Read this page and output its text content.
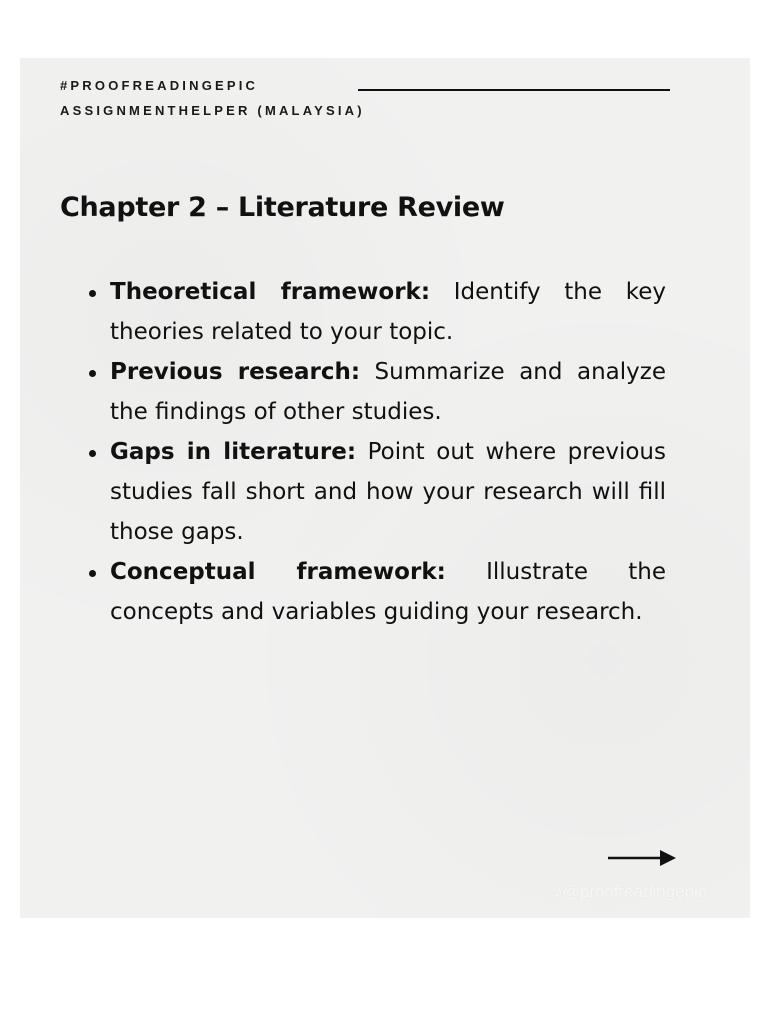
#PROOFREADINGEPIC
ASSIGNMENTHELPER (MALAYSIA)
Chapter 2 – Literature Review
Theoretical framework: Identify the key theories related to your topic.
Previous research: Summarize and analyze the findings of other studies.
Gaps in literature: Point out where previous studies fall short and how your research will fill those gaps.
Conceptual framework: Illustrate the concepts and variables guiding your research.
♪@proofreadingepic
